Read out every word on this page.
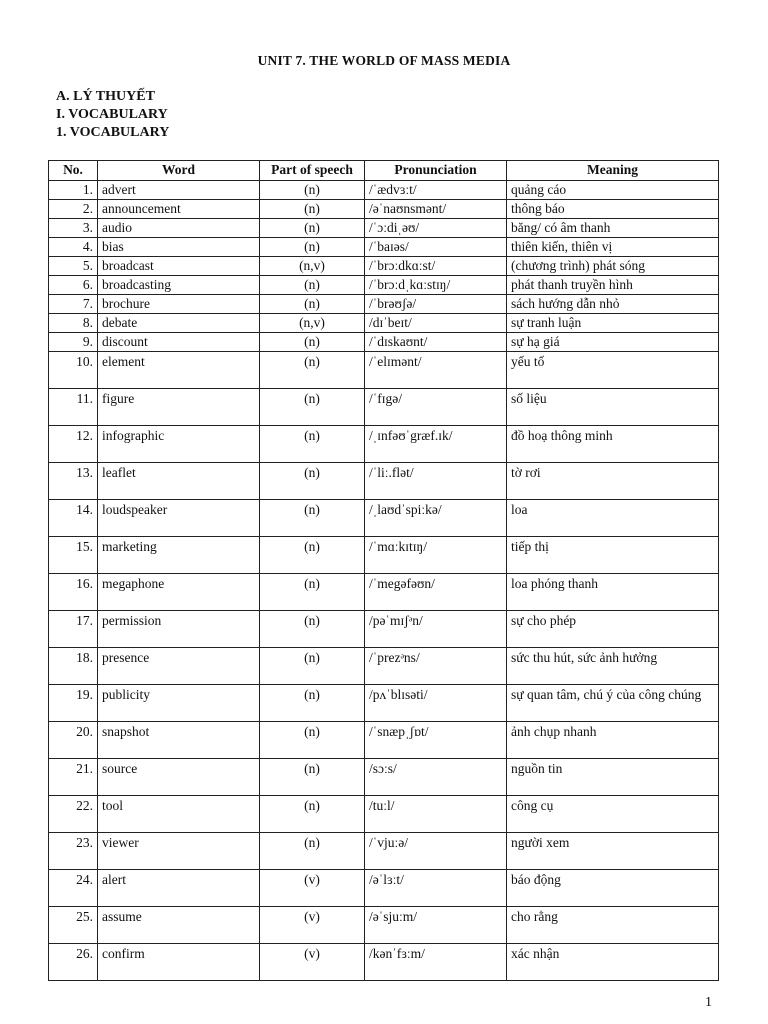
UNIT 7. THE WORLD OF MASS MEDIA
A. LÝ THUYẾT
I. VOCABULARY
1. VOCABULARY
No.	Word	Part of speech	Pronunciation	Meaning
1.	advert	(n)	/ˈædvɜːt/	quảng cáo
2.	announcement	(n)	/əˈnaʊnsmənt/	thông báo
3.	audio	(n)	/ˈɔːdiˌəʊ/	băng/ có âm thanh
4.	bias	(n)	/ˈbaɪəs/	thiên kiến, thiên vị
5.	broadcast	(n,v)	/ˈbrɔːdkɑːst/	(chương trình) phát sóng
6.	broadcasting	(n)	/ˈbrɔːdˌkɑːstɪŋ/	phát thanh truyền hình
7.	brochure	(n)	/ˈbrəʊʃə/	sách hướng dẫn nhỏ
8.	debate	(n,v)	/dɪˈbeɪt/	sự tranh luận
9.	discount	(n)	/ˈdɪskaʊnt/	sự hạ giá
10.	element	(n)	/ˈelɪmənt/	yếu tố
11.	figure	(n)	/ˈfɪgə/	số liệu
12.	infographic	(n)	/ˌɪnfəʊˈgræf.ɪk/	đồ hoạ thông minh
13.	leaflet	(n)	/ˈliː.flət/	tờ rơi
14.	loudspeaker	(n)	/ˌlaʊdˈspiːkə/	loa
15.	marketing	(n)	/ˈmɑːkɪtɪŋ/	tiếp thị
16.	megaphone	(n)	/ˈmegəfəʊn/	loa phóng thanh
17.	permission	(n)	/pəˈmɪʃᵊn/	sự cho phép
18.	presence	(n)	/ˈprezᵊns/	sức thu hút, sức ảnh hưởng
19.	publicity	(n)	/pʌˈblɪsəti/	sự quan tâm, chú ý của công chúng
20.	snapshot	(n)	/ˈsnæpˌʃɒt/	ảnh chụp nhanh
21.	source	(n)	/sɔːs/	nguồn tin
22.	tool	(n)	/tuːl/	công cụ
23.	viewer	(n)	/ˈvjuːə/	người xem
24.	alert	(v)	/əˈlɜːt/	báo động
25.	assume	(v)	/əˈsjuːm/	cho rằng
26.	confirm	(v)	/kənˈfɜːm/	xác nhận
1
